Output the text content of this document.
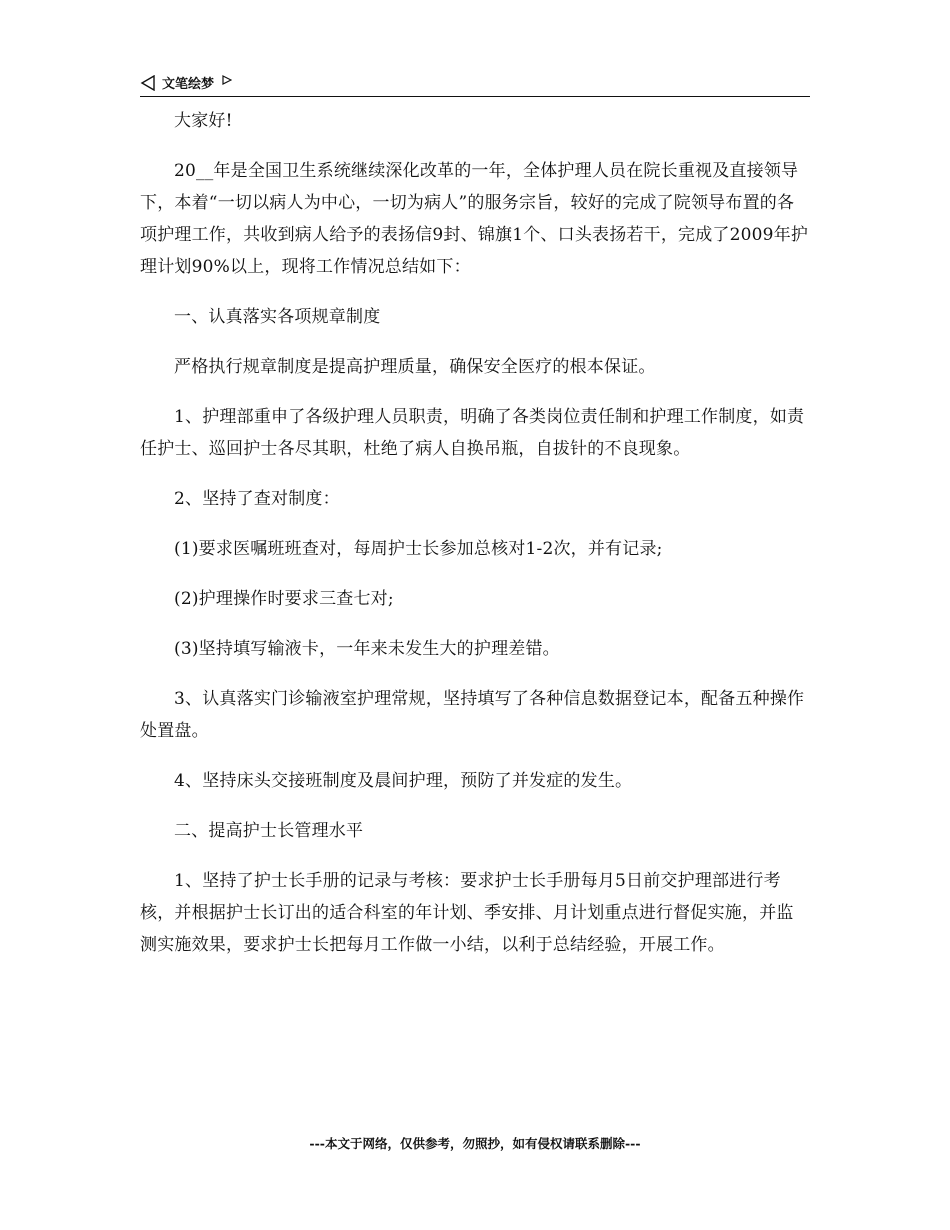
文笔绘梦

大家好!

20__年是全国卫生系统继续深化改革的一年，全体护理人员在院长重视及直接领导下，本着“一切以病人为中心，一切为病人”的服务宗旨，较好的完成了院领导布置的各项护理工作，共收到病人给予的表扬信9封、锦旗1个、口头表扬若干，完成了2009年护理计划90%以上，现将工作情况总结如下：

一、认真落实各项规章制度

严格执行规章制度是提高护理质量，确保安全医疗的根本保证。

1、护理部重申了各级护理人员职责，明确了各类岗位责任制和护理工作制度，如责任护士、巡回护士各尽其职，杜绝了病人自换吊瓶，自拔针的不良现象。

2、坚持了查对制度：

(1)要求医嘱班班查对，每周护士长参加总核对1-2次，并有记录;

(2)护理操作时要求三查七对;

(3)坚持填写输液卡，一年来未发生大的护理差错。

3、认真落实门诊输液室护理常规，坚持填写了各种信息数据登记本，配备五种操作处置盘。

4、坚持床头交接班制度及晨间护理，预防了并发症的发生。

二、提高护士长管理水平

1、坚持了护士长手册的记录与考核：要求护士长手册每月5日前交护理部进行考核，并根据护士长订出的适合科室的年计划、季安排、月计划重点进行督促实施，并监测实施效果，要求护士长把每月工作做一小结，以利于总结经验，开展工作。

---本文于网络，仅供参考，勿照抄，如有侵权请联系删除---
